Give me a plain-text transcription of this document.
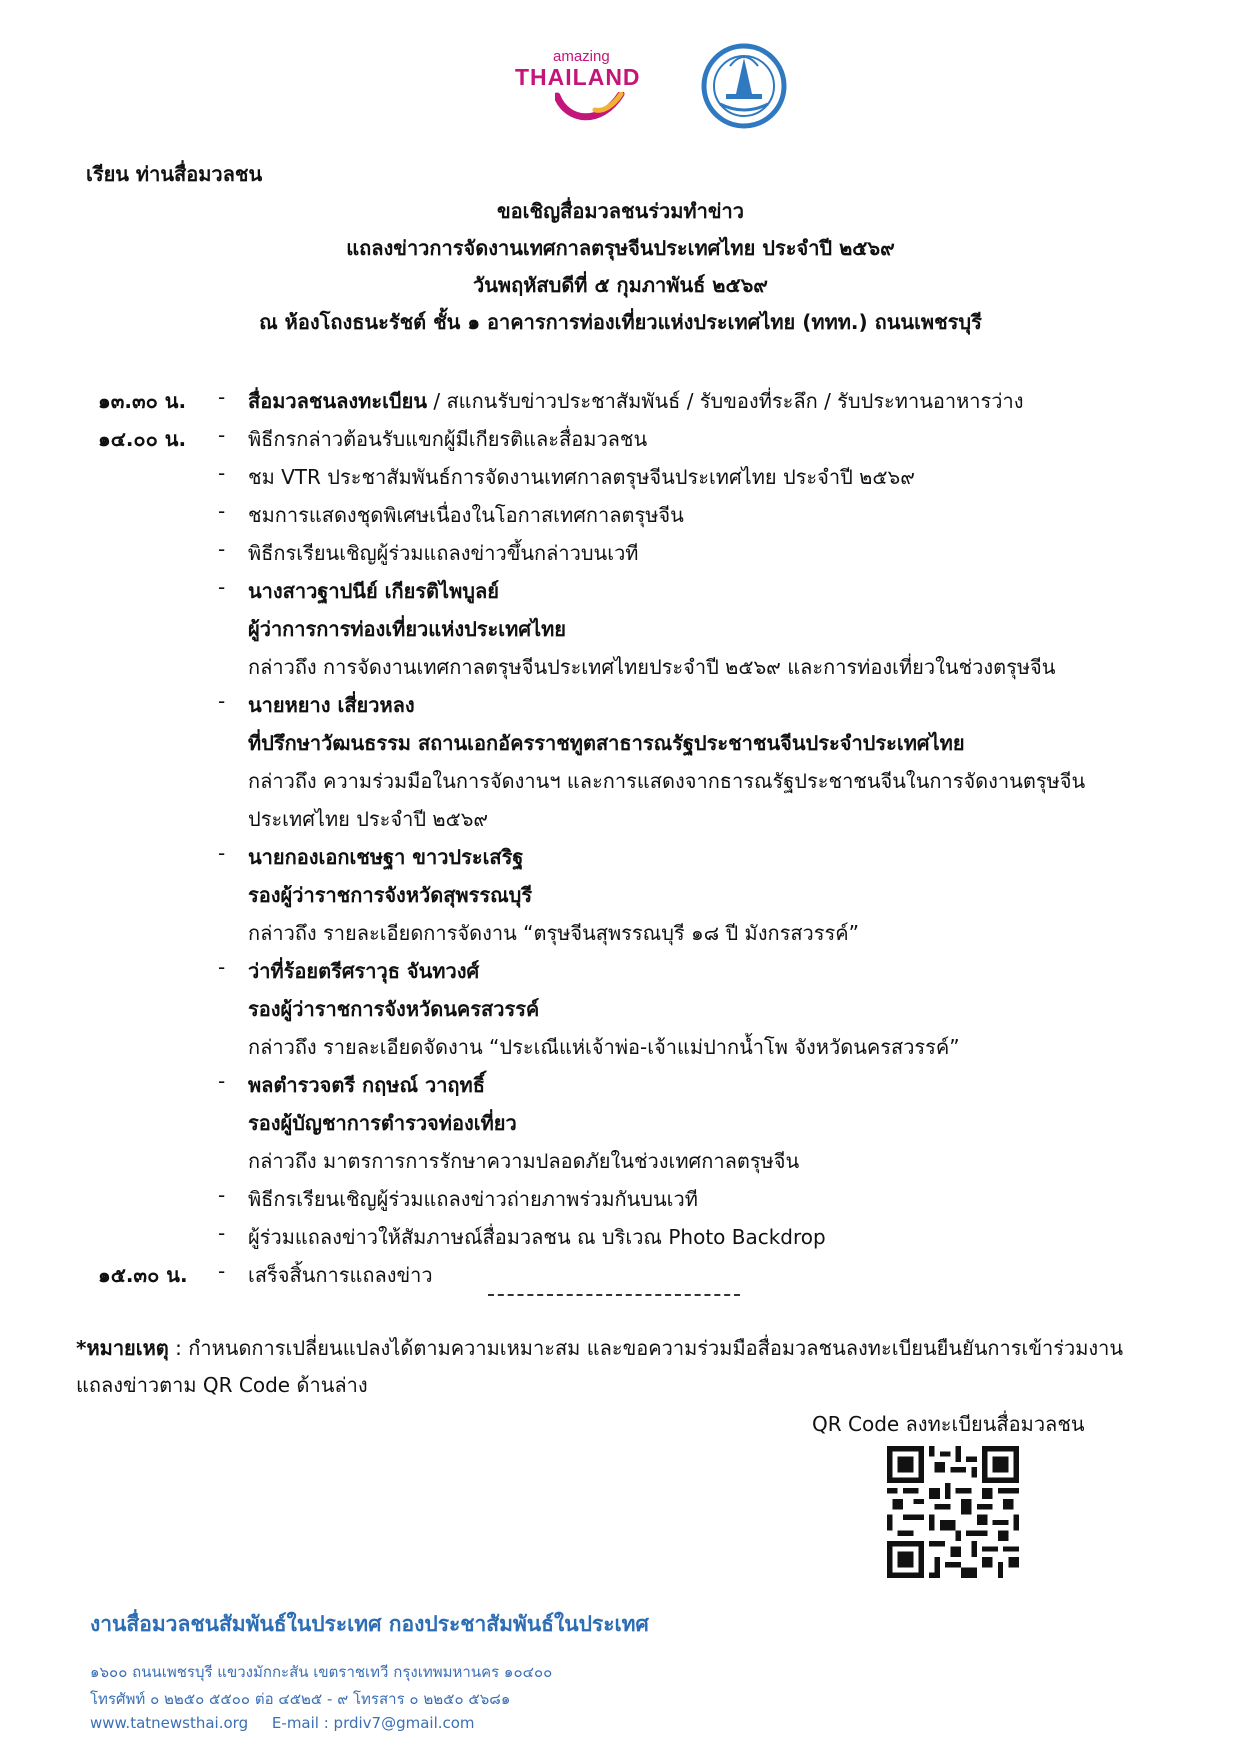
amazing
THAILAND
เรียน ท่านสื่อมวลชน
ขอเชิญสื่อมวลชนร่วมทำข่าว
แถลงข่าวการจัดงานเทศกาลตรุษจีนประเทศไทย ประจำปี ๒๕๖๙
วันพฤหัสบดีที่ ๕ กุมภาพันธ์ ๒๕๖๙
ณ ห้องโถงธนะรัชต์ ชั้น ๑ อาคารการท่องเที่ยวแห่งประเทศไทย (ททท.) ถนนเพชรบุรี
๑๓.๓๐ น. - สื่อมวลชนลงทะเบียน / สแกนรับข่าวประชาสัมพันธ์ / รับของที่ระลึก / รับประทานอาหารว่าง
๑๔.๐๐ น. - พิธีกรกล่าวต้อนรับแขกผู้มีเกียรติและสื่อมวลชน
- ชม VTR ประชาสัมพันธ์การจัดงานเทศกาลตรุษจีนประเทศไทย ประจำปี ๒๕๖๙
- ชมการแสดงชุดพิเศษเนื่องในโอกาสเทศกาลตรุษจีน
- พิธีกรเรียนเชิญผู้ร่วมแถลงข่าวขึ้นกล่าวบนเวที
- นางสาวฐาปนีย์ เกียรติไพบูลย์
ผู้ว่าการการท่องเที่ยวแห่งประเทศไทย
กล่าวถึง การจัดงานเทศกาลตรุษจีนประเทศไทยประจำปี ๒๕๖๙ และการท่องเที่ยวในช่วงตรุษจีน
- นายหยาง เสี่ยวหลง
ที่ปรึกษาวัฒนธรรม สถานเอกอัครราชทูตสาธารณรัฐประชาชนจีนประจำประเทศไทย
กล่าวถึง ความร่วมมือในการจัดงานฯ และการแสดงจากธารณรัฐประชาชนจีนในการจัดงานตรุษจีน
ประเทศไทย ประจำปี ๒๕๖๙
- นายกองเอกเชษฐา ขาวประเสริฐ
รองผู้ว่าราชการจังหวัดสุพรรณบุรี
กล่าวถึง รายละเอียดการจัดงาน “ตรุษจีนสุพรรณบุรี ๑๘ ปี มังกรสวรรค์”
- ว่าที่ร้อยตรีศราวุธ จันทวงศ์
รองผู้ว่าราชการจังหวัดนครสวรรค์
กล่าวถึง รายละเอียดจัดงาน “ประเณีแห่เจ้าพ่อ-เจ้าแม่ปากน้ำโพ จังหวัดนครสวรรค์”
- พลตำรวจตรี กฤษณ์ วาฤทธิ์
รองผู้บัญชาการตำรวจท่องเที่ยว
กล่าวถึง มาตรการการรักษาความปลอดภัยในช่วงเทศกาลตรุษจีน
- พิธีกรเรียนเชิญผู้ร่วมแถลงข่าวถ่ายภาพร่วมกันบนเวที
- ผู้ร่วมแถลงข่าวให้สัมภาษณ์สื่อมวลชน ณ บริเวณ Photo Backdrop
๑๕.๓๐ น. - เสร็จสิ้นการแถลงข่าว
*หมายเหตุ : กำหนดการเปลี่ยนแปลงได้ตามความเหมาะสม และขอความร่วมมือสื่อมวลชนลงทะเบียนยืนยันการเข้าร่วมงาน แถลงข่าวตาม QR Code ด้านล่าง
QR Code ลงทะเบียนสื่อมวลชน
งานสื่อมวลชนสัมพันธ์ในประเทศ กองประชาสัมพันธ์ในประเทศ
๑๖๐๐ ถนนเพชรบุรี แขวงมักกะสัน เขตราชเทวี กรุงเทพมหานคร ๑๐๔๐๐
โทรศัพท์ ๐ ๒๒๕๐ ๕๕๐๐ ต่อ ๔๕๒๕ - ๙ โทรสาร ๐ ๒๒๕๐ ๕๖๘๑
www.tatnewsthai.org     E-mail : prdiv7@gmail.com
